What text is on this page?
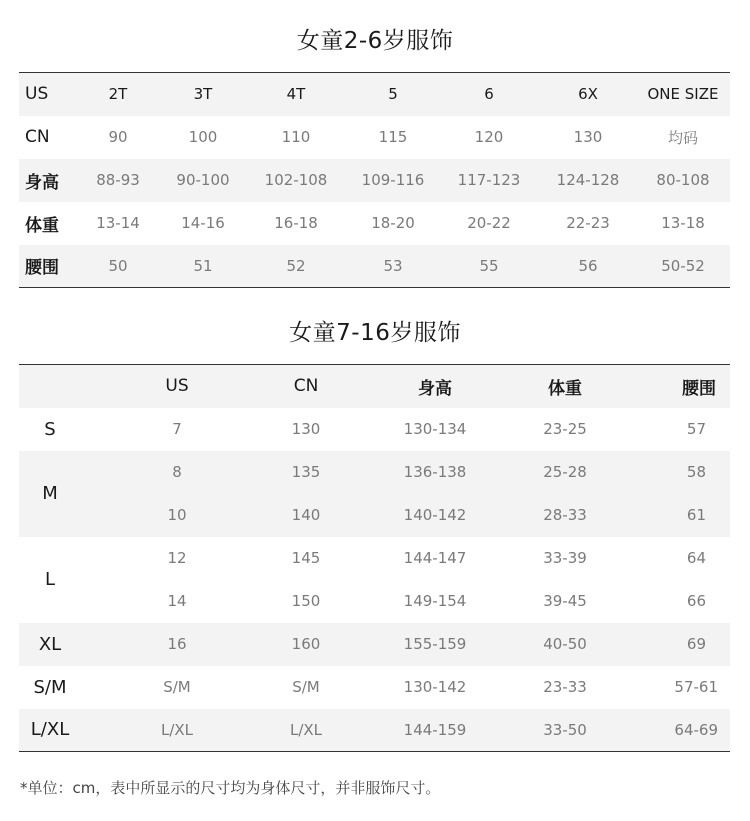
女童2-6岁服饰
US	2T	3T	4T	5	6	6X	ONE SIZE
CN	90	100	110	115	120	130	均码
身高	88-93	90-100	102-108	109-116	117-123	124-128	80-108
体重	13-14	14-16	16-18	18-20	20-22	22-23	13-18
腰围	50	51	52	53	55	56	50-52
女童7-16岁服饰
	US	CN	身高	体重	腰围
S	7	130	130-134	23-25	57
M	8	135	136-138	25-28	58
	10	140	140-142	28-33	61
L	12	145	144-147	33-39	64
	14	150	149-154	39-45	66
XL	16	160	155-159	40-50	69
S/M	S/M	S/M	130-142	23-33	57-61
L/XL	L/XL	L/XL	144-159	33-50	64-69
*单位：cm，表中所显示的尺寸均为身体尺寸，并非服饰尺寸。
